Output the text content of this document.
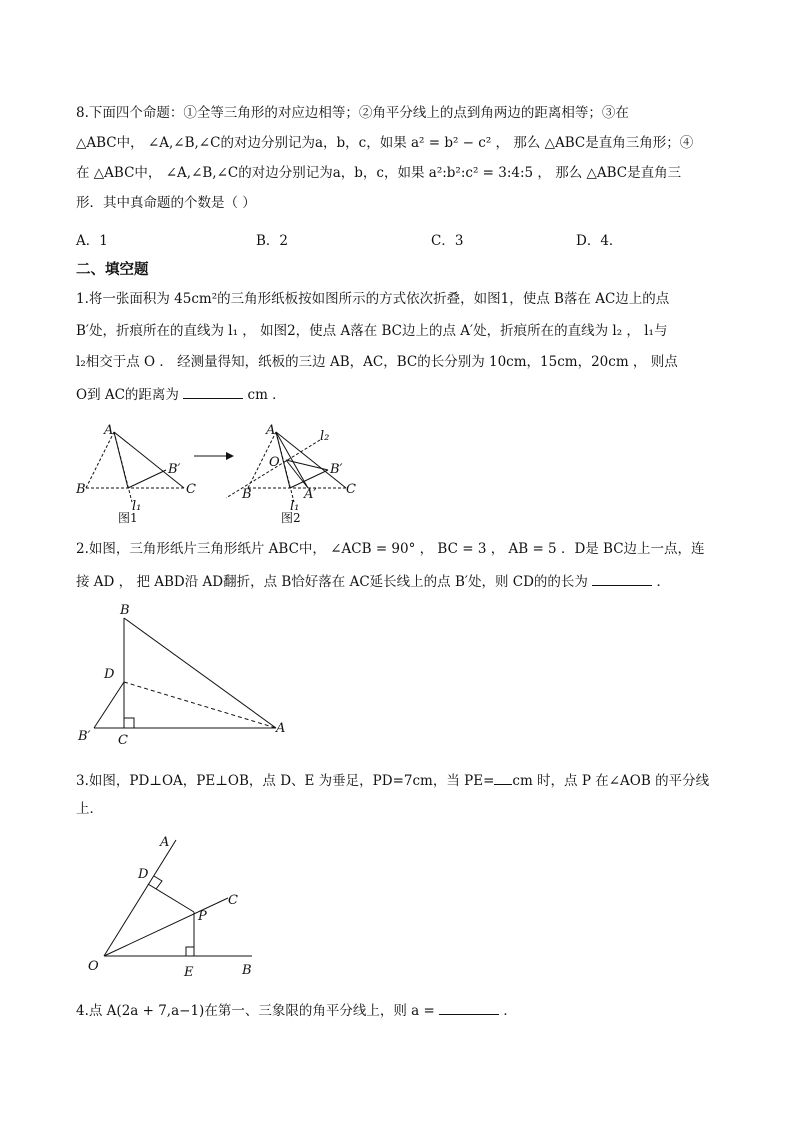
8.下面四个命题：①全等三角形的对应边相等；②角平分线上的点到角两边的距离相等；③在
△ABC中， ∠A,∠B,∠C的对边分别记为a，b，c，如果 a² = b² − c² ， 那么 △ABC是直角三角形；④
在 △ABC中， ∠A,∠B,∠C的对边分别记为a，b，c，如果 a²:b²:c² = 3:4:5 ， 那么 △ABC是直角三
形．其中真命题的个数是（ ）
A．1	B．2	C．3	D．4．
二、填空题
1.将一张面积为 45cm²的三角形纸板按如图所示的方式依次折叠，如图1，使点 B落在 AC边上的点
B′处，折痕所在的直线为 l₁ ， 如图2，使点 A落在 BC边上的点 A′处，折痕所在的直线为 l₂ ， l₁与
l₂相交于点 O ． 经测量得知，纸板的三边 AB，AC，BC的长分别为 10cm，15cm，20cm ， 则点
O到 AC的距离为	cm ．
A
B	C
B′
l₁
图1
A
B	C
B′
A′
O
l₁
l₂
图2
2.如图，三角形纸片三角形纸片 ABC中， ∠ACB = 90° ， BC = 3 ， AB = 5 ．D是 BC边上一点，连
接 AD ， 把 ABD沿 AD翻折，点 B恰好落在 AC延长线上的点 B′处，则 CD的的长为	．
B
D
B′ C
A
3.如图，PD⊥OA，PE⊥OB，点 D、E 为垂足，PD=7cm，当 PE= cm 时，点 P 在∠AOB 的平分线
上．
A
D
C
P
O	E	B
4.点 A(2a + 7,a−1)在第一、三象限的角平分线上，则 a =	．
